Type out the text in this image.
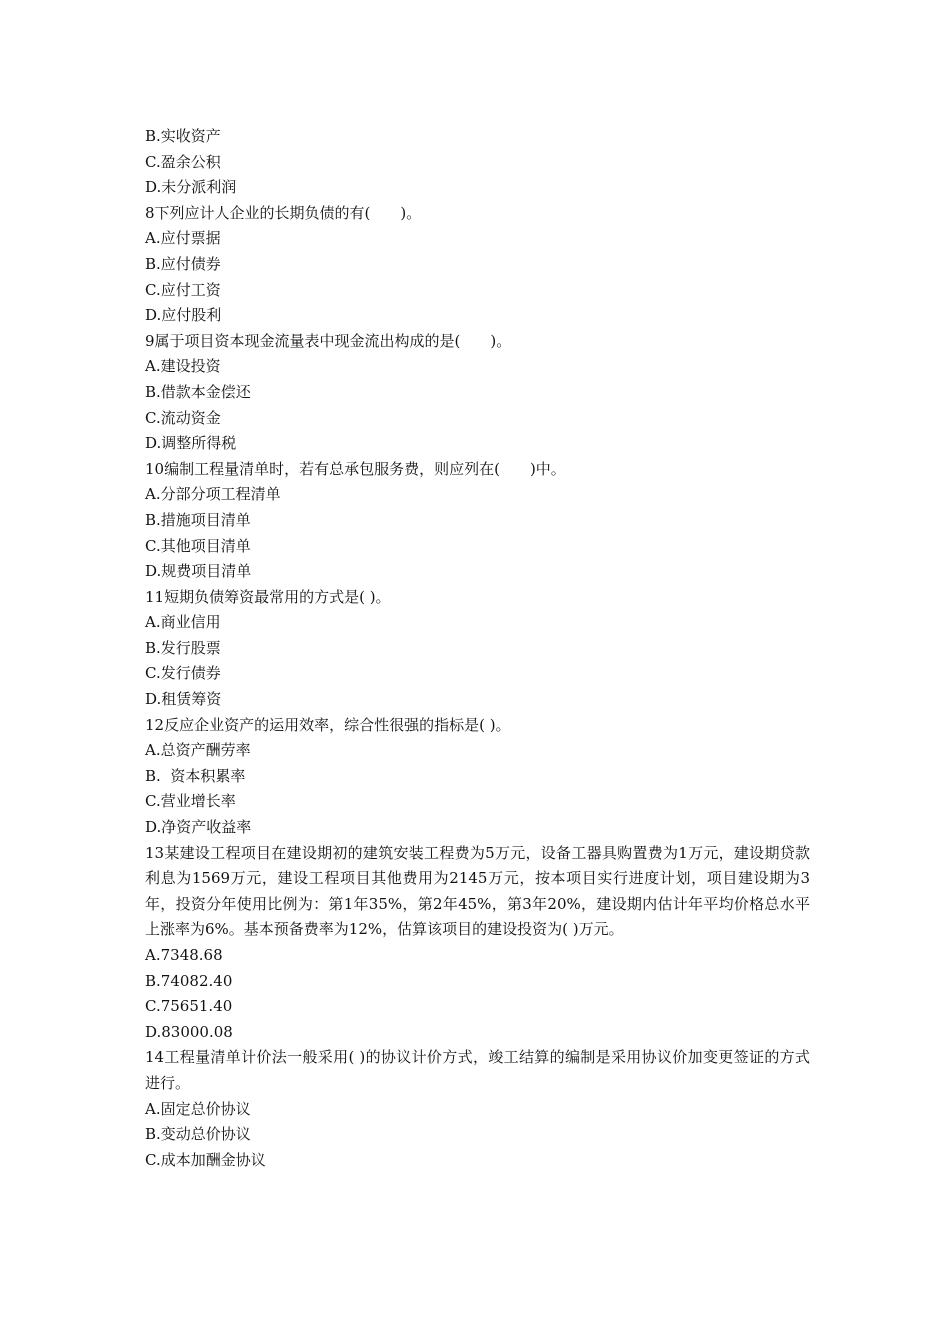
B.实收资产
C.盈余公积
D.未分派利润
8下列应计人企业的长期负债的有(　　)。
A.应付票据
B.应付债券
C.应付工资
D.应付股利
9属于项目资本现金流量表中现金流出构成的是(　　)。
A.建设投资
B.借款本金偿还
C.流动资金
D.调整所得税
10编制工程量清单时，若有总承包服务费，则应列在(　　)中。
A.分部分项工程清单
B.措施项目清单
C.其他项目清单
D.规费项目清单
11短期负债筹资最常用的方式是( )。
A.商业信用
B.发行股票
C.发行债券
D.租赁筹资
12反应企业资产的运用效率，综合性很强的指标是( )。
A.总资产酬劳率
B.  资本积累率
C.营业增长率
D.净资产收益率
13某建设工程项目在建设期初的建筑安装工程费为5万元，设备工器具购置费为1万元，建设期贷款利息为1569万元，建设工程项目其他费用为2145万元，按本项目实行进度计划，项目建设期为3年，投资分年使用比例为：第1年35%，第2年45%，第3年20%，建设期内估计年平均价格总水平上涨率为6%。基本预备费率为12%，估算该项目的建设投资为( )万元。
A.7348.68
B.74082.40
C.75651.40
D.83000.08
14工程量清单计价法一般采用( )的协议计价方式，竣工结算的编制是采用协议价加变更签证的方式进行。
A.固定总价协议
B.变动总价协议
C.成本加酬金协议
